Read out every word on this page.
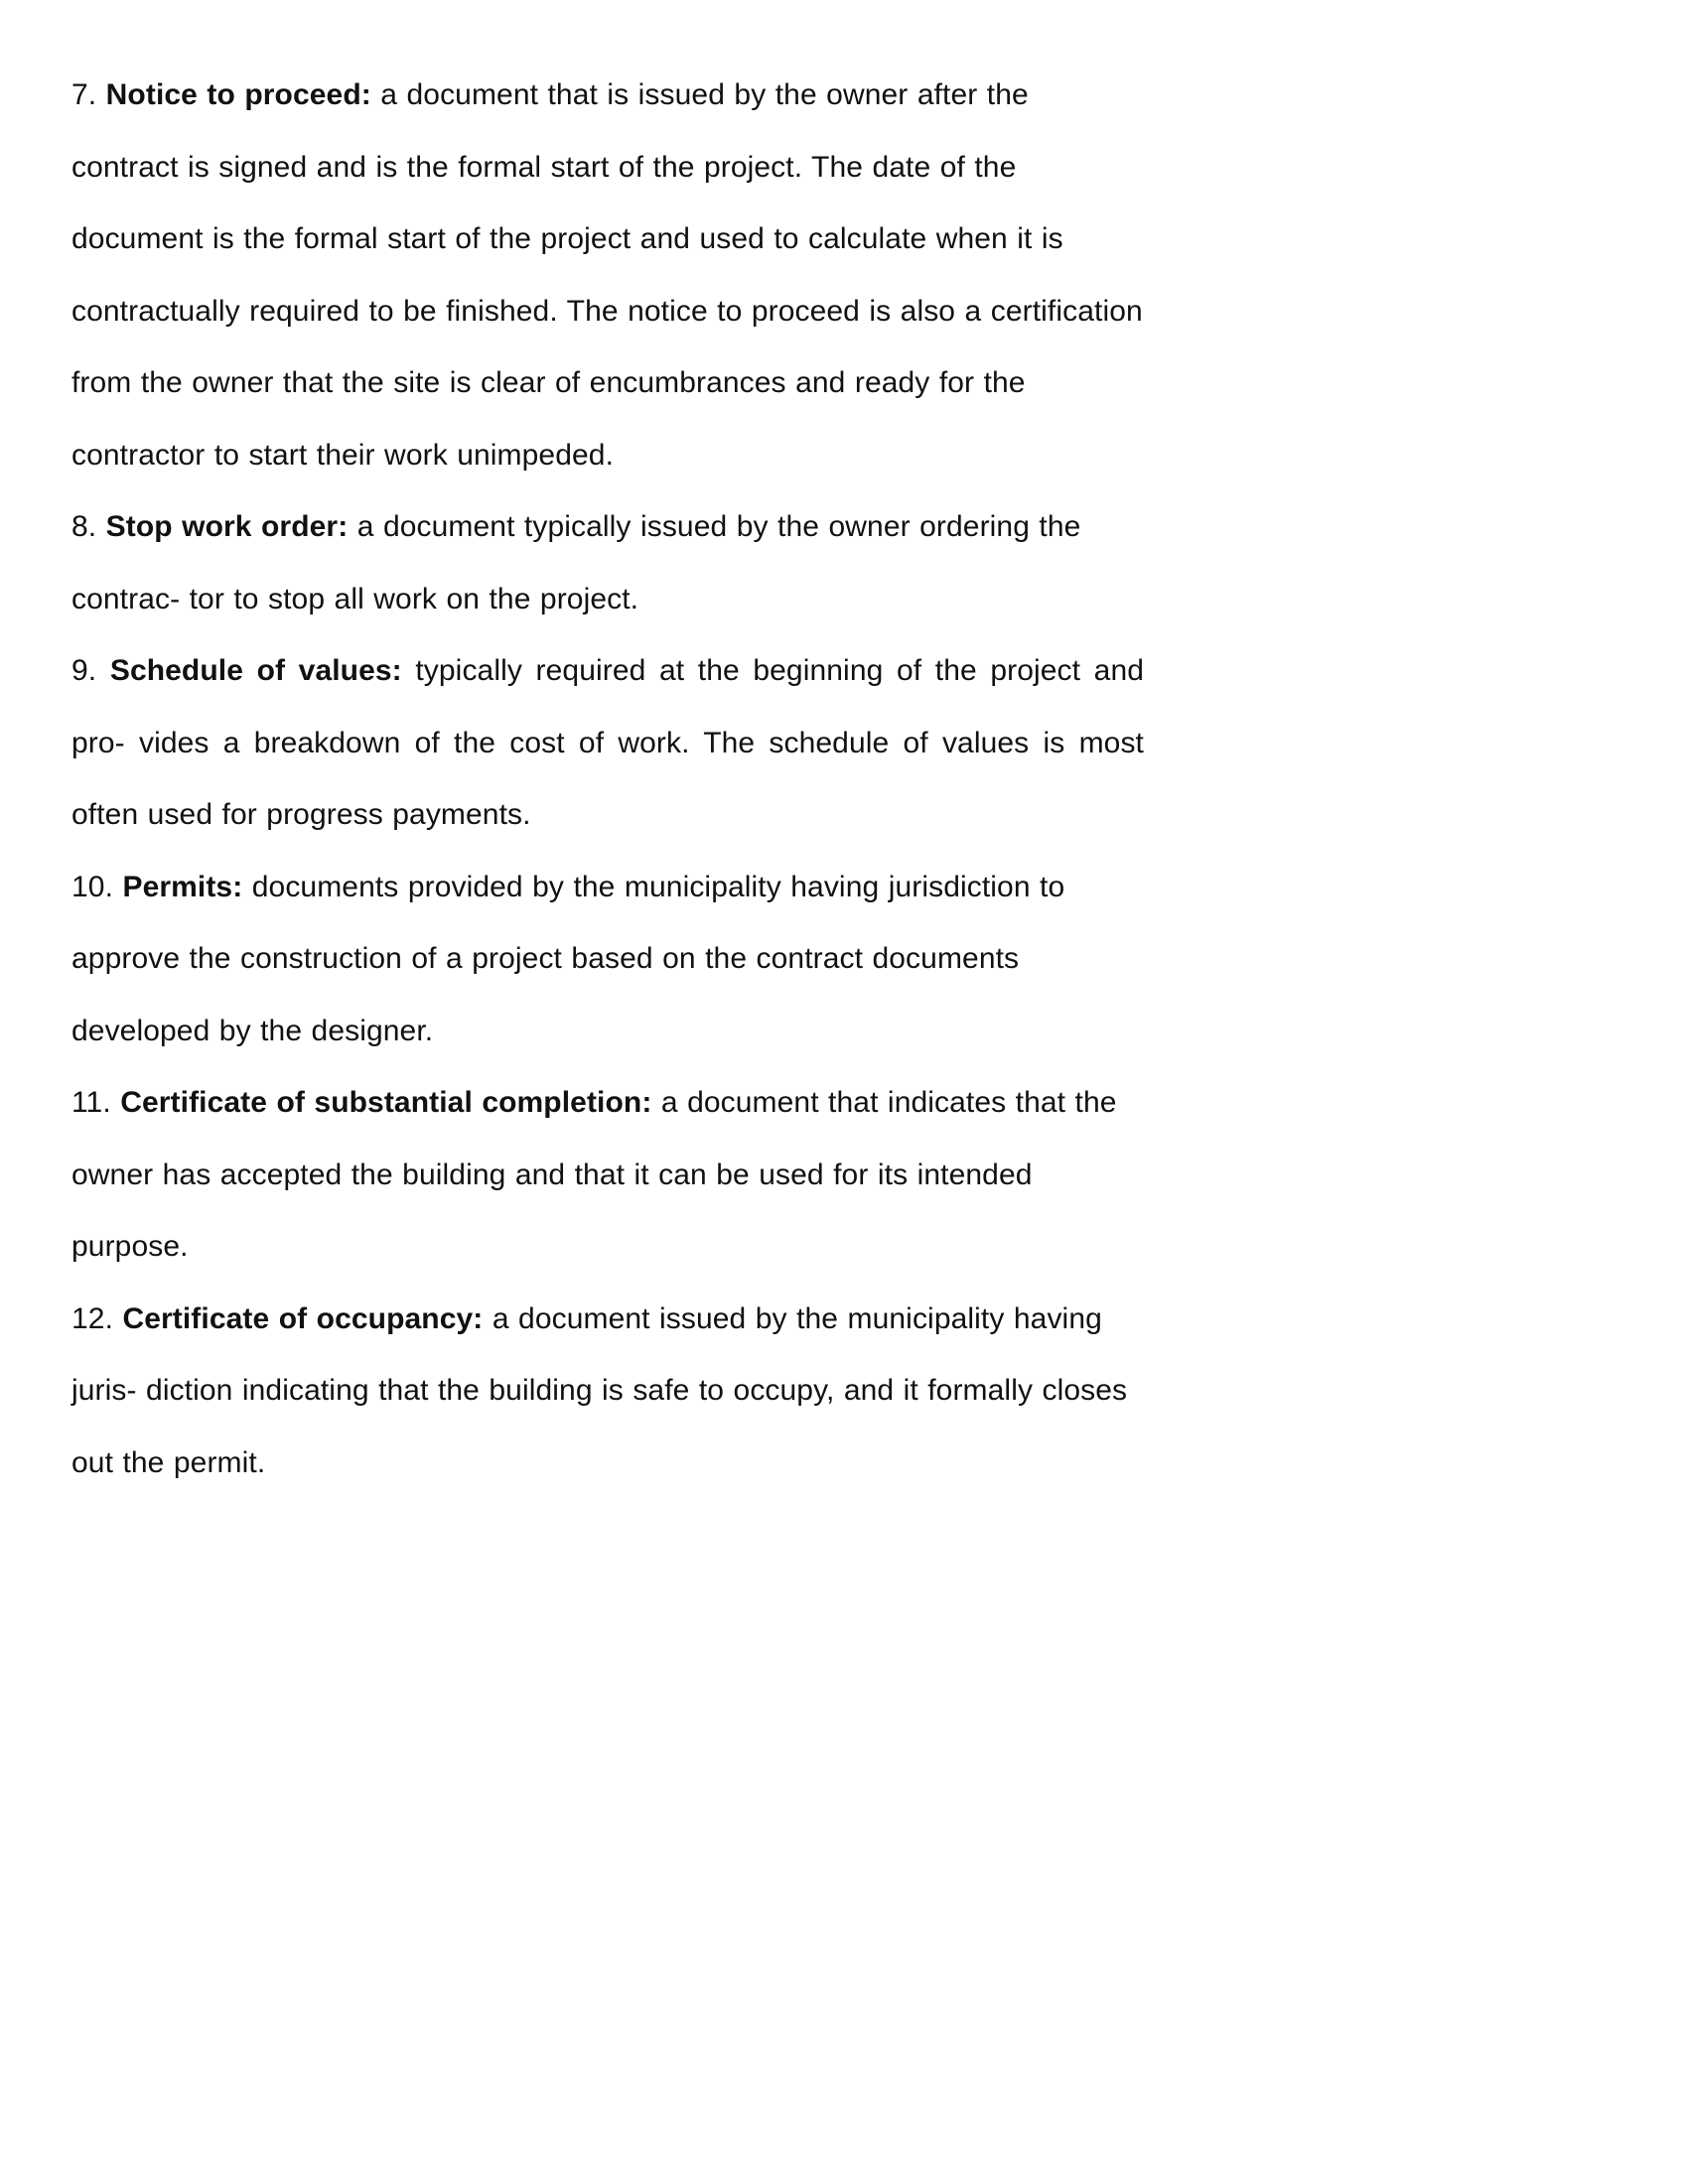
7. Notice to proceed: a document that is issued by the owner after the contract is signed and is the formal start of the project. The date of the document is the formal start of the project and used to calculate when it is contractually required to be finished. The notice to proceed is also a certification from the owner that the site is clear of encumbrances and ready for the contractor to start their work unimpeded.

8. Stop work order: a document typically issued by the owner ordering the contrac- tor to stop all work on the project.

9. Schedule of values: typically required at the beginning of the project and pro- vides a breakdown of the cost of work. The schedule of values is most often used for progress payments.

10. Permits: documents provided by the municipality having jurisdiction to approve the construction of a project based on the contract documents developed by the designer.

11. Certificate of substantial completion: a document that indicates that the owner has accepted the building and that it can be used for its intended purpose.

12. Certificate of occupancy: a document issued by the municipality having juris- diction indicating that the building is safe to occupy, and it formally closes out the permit.
